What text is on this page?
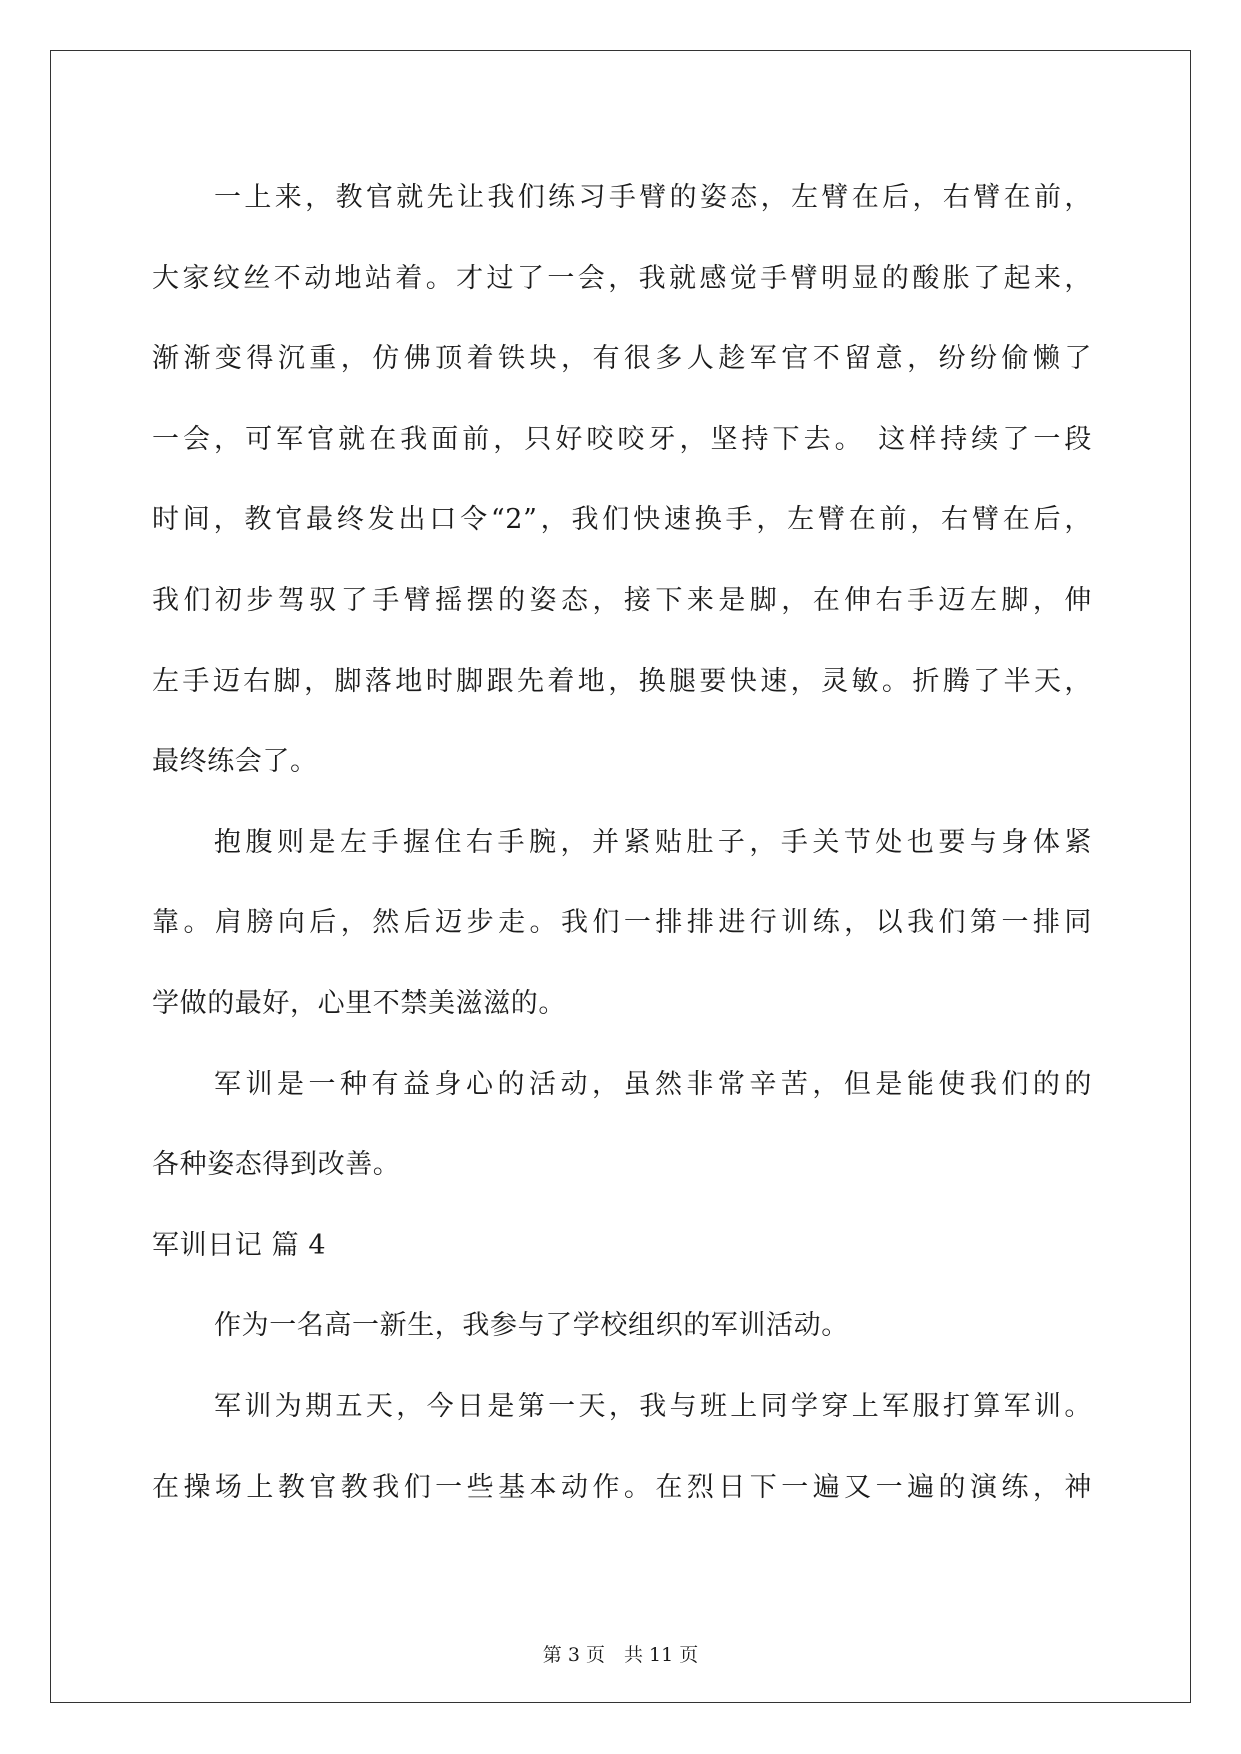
一上来，教官就先让我们练习手臂的姿态，左臂在后，右臂在前，
大家纹丝不动地站着。才过了一会，我就感觉手臂明显的酸胀了起来，
渐渐变得沉重，仿佛顶着铁块，有很多人趁军官不留意，纷纷偷懒了
一会，可军官就在我面前，只好咬咬牙，坚持下去。 这样持续了一段
时间，教官最终发出口令“2”，我们快速换手，左臂在前，右臂在后，
我们初步驾驭了手臂摇摆的姿态，接下来是脚，在伸右手迈左脚，伸
左手迈右脚，脚落地时脚跟先着地，换腿要快速，灵敏。折腾了半天，
最终练会了。

抱腹则是左手握住右手腕，并紧贴肚子，手关节处也要与身体紧
靠。肩膀向后，然后迈步走。我们一排排进行训练，以我们第一排同
学做的最好，心里不禁美滋滋的。

军训是一种有益身心的活动，虽然非常辛苦，但是能使我们的的
各种姿态得到改善。

军训日记 篇 4

作为一名高一新生，我参与了学校组织的军训活动。

军训为期五天，今日是第一天，我与班上同学穿上军服打算军训。
在操场上教官教我们一些基本动作。在烈日下一遍又一遍的演练，神

第 3 页　共 11 页
